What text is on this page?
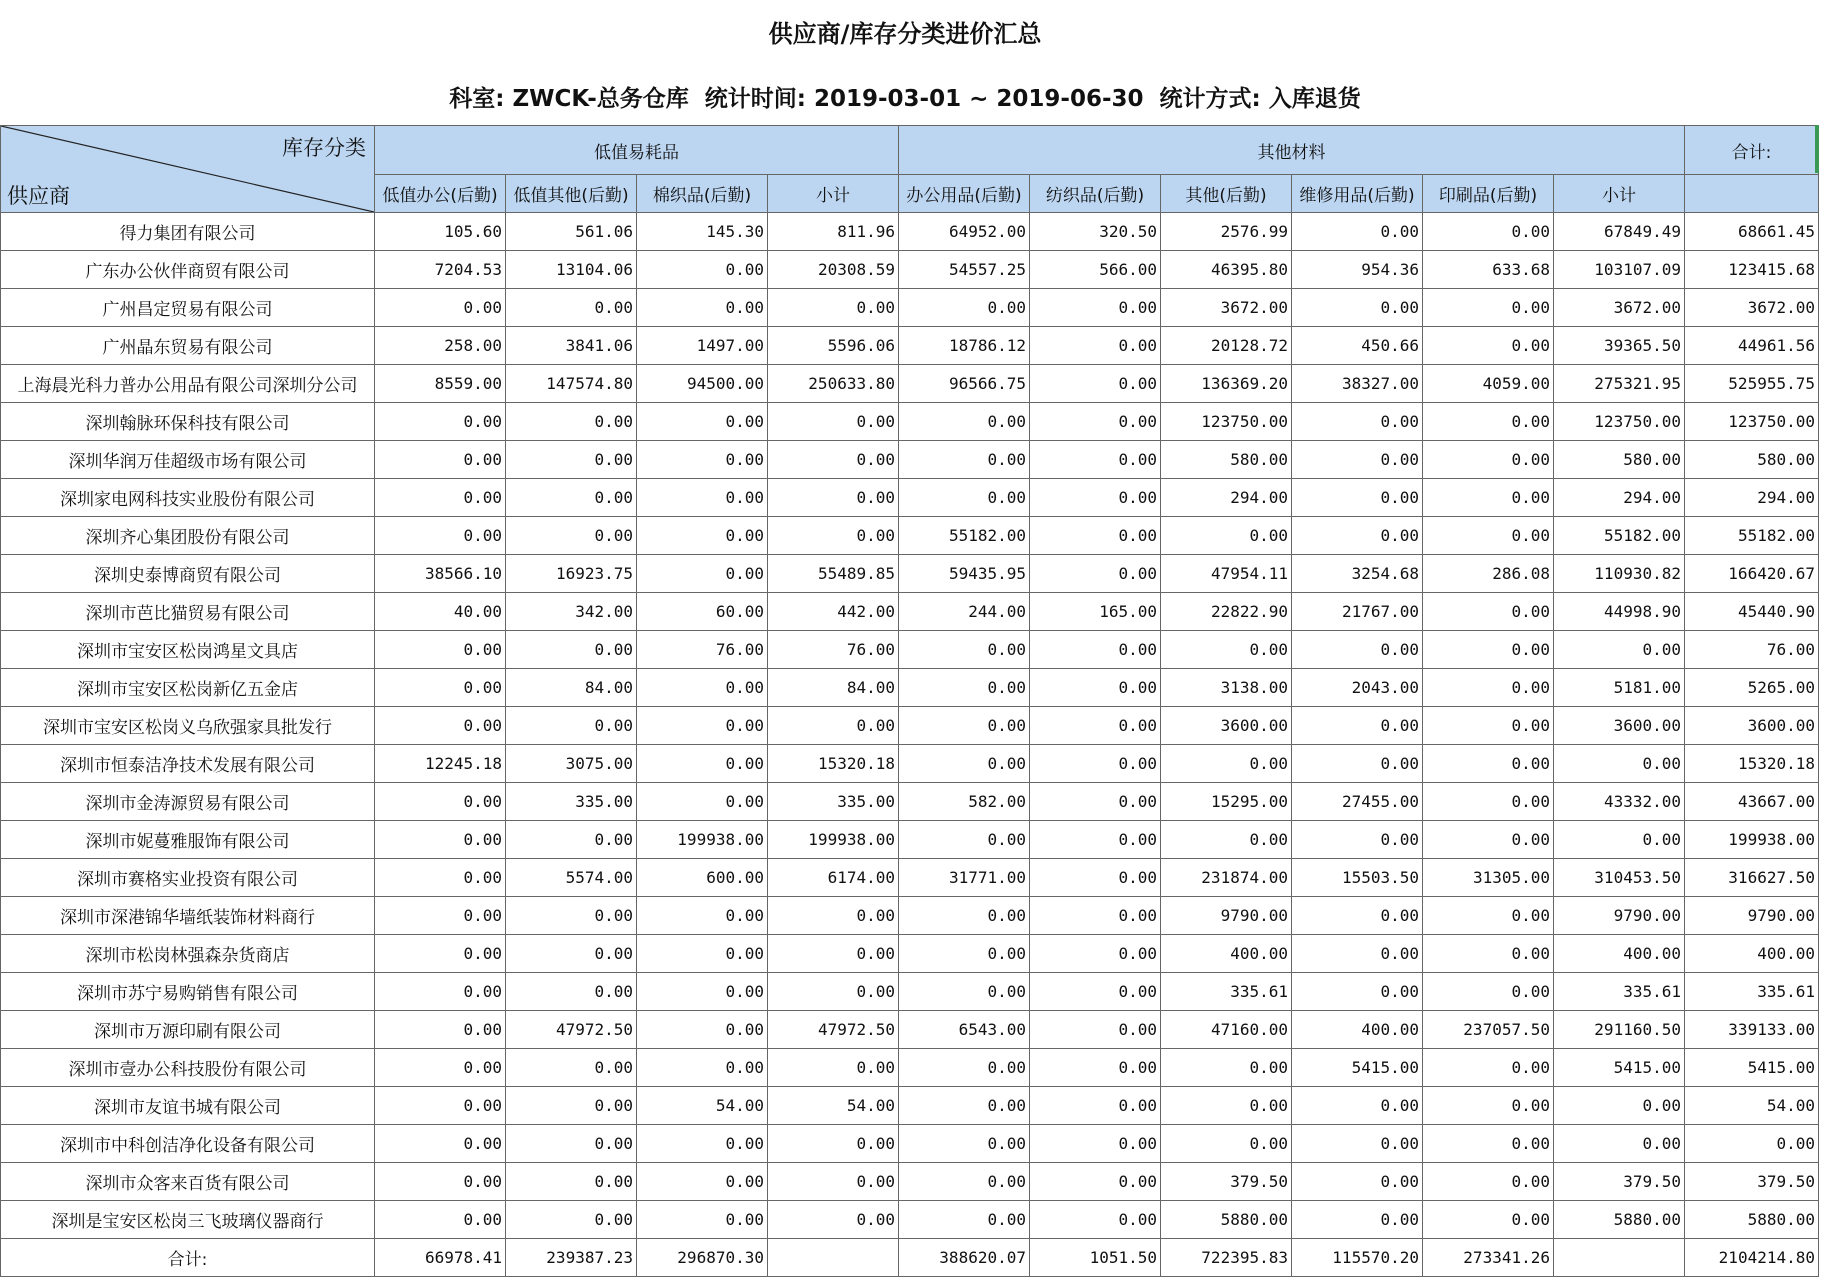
供应商/库存分类进价汇总
科室: ZWCK-总务仓库 统计时间: 2019-03-01 ~ 2019-06-30 统计方式: 入库退货
库存分类
供应商	低值易耗品				其他材料						合计:
	低值办公(后勤)	低值其他(后勤)	棉织品(后勤)	小计	办公用品(后勤)	纺织品(后勤)	其他(后勤)	维修用品(后勤)	印刷品(后勤)	小计	
得力集团有限公司	105.60	561.06	145.30	811.96	64952.00	320.50	2576.99	0.00	0.00	67849.49	68661.45
广东办公伙伴商贸有限公司	7204.53	13104.06	0.00	20308.59	54557.25	566.00	46395.80	954.36	633.68	103107.09	123415.68
广州昌定贸易有限公司	0.00	0.00	0.00	0.00	0.00	0.00	3672.00	0.00	0.00	3672.00	3672.00
广州晶东贸易有限公司	258.00	3841.06	1497.00	5596.06	18786.12	0.00	20128.72	450.66	0.00	39365.50	44961.56
上海晨光科力普办公用品有限公司深圳分公司	8559.00	147574.80	94500.00	250633.80	96566.75	0.00	136369.20	38327.00	4059.00	275321.95	525955.75
深圳翰脉环保科技有限公司	0.00	0.00	0.00	0.00	0.00	0.00	123750.00	0.00	0.00	123750.00	123750.00
深圳华润万佳超级市场有限公司	0.00	0.00	0.00	0.00	0.00	0.00	580.00	0.00	0.00	580.00	580.00
深圳家电网科技实业股份有限公司	0.00	0.00	0.00	0.00	0.00	0.00	294.00	0.00	0.00	294.00	294.00
深圳齐心集团股份有限公司	0.00	0.00	0.00	0.00	55182.00	0.00	0.00	0.00	0.00	55182.00	55182.00
深圳史泰博商贸有限公司	38566.10	16923.75	0.00	55489.85	59435.95	0.00	47954.11	3254.68	286.08	110930.82	166420.67
深圳市芭比猫贸易有限公司	40.00	342.00	60.00	442.00	244.00	165.00	22822.90	21767.00	0.00	44998.90	45440.90
深圳市宝安区松岗鸿星文具店	0.00	0.00	76.00	76.00	0.00	0.00	0.00	0.00	0.00	0.00	76.00
深圳市宝安区松岗新亿五金店	0.00	84.00	0.00	84.00	0.00	0.00	3138.00	2043.00	0.00	5181.00	5265.00
深圳市宝安区松岗义乌欣强家具批发行	0.00	0.00	0.00	0.00	0.00	0.00	3600.00	0.00	0.00	3600.00	3600.00
深圳市恒泰洁净技术发展有限公司	12245.18	3075.00	0.00	15320.18	0.00	0.00	0.00	0.00	0.00	0.00	15320.18
深圳市金涛源贸易有限公司	0.00	335.00	0.00	335.00	582.00	0.00	15295.00	27455.00	0.00	43332.00	43667.00
深圳市妮蔓雅服饰有限公司	0.00	0.00	199938.00	199938.00	0.00	0.00	0.00	0.00	0.00	0.00	199938.00
深圳市赛格实业投资有限公司	0.00	5574.00	600.00	6174.00	31771.00	0.00	231874.00	15503.50	31305.00	310453.50	316627.50
深圳市深港锦华墙纸装饰材料商行	0.00	0.00	0.00	0.00	0.00	0.00	9790.00	0.00	0.00	9790.00	9790.00
深圳市松岗林强森杂货商店	0.00	0.00	0.00	0.00	0.00	0.00	400.00	0.00	0.00	400.00	400.00
深圳市苏宁易购销售有限公司	0.00	0.00	0.00	0.00	0.00	0.00	335.61	0.00	0.00	335.61	335.61
深圳市万源印刷有限公司	0.00	47972.50	0.00	47972.50	6543.00	0.00	47160.00	400.00	237057.50	291160.50	339133.00
深圳市壹办公科技股份有限公司	0.00	0.00	0.00	0.00	0.00	0.00	0.00	5415.00	0.00	5415.00	5415.00
深圳市友谊书城有限公司	0.00	0.00	54.00	54.00	0.00	0.00	0.00	0.00	0.00	0.00	54.00
深圳市中科创洁净化设备有限公司	0.00	0.00	0.00	0.00	0.00	0.00	0.00	0.00	0.00	0.00	0.00
深圳市众客来百货有限公司	0.00	0.00	0.00	0.00	0.00	0.00	379.50	0.00	0.00	379.50	379.50
深圳是宝安区松岗三飞玻璃仪器商行	0.00	0.00	0.00	0.00	0.00	0.00	5880.00	0.00	0.00	5880.00	5880.00
合计:	66978.41	239387.23	296870.30		388620.07	1051.50	722395.83	115570.20	273341.26		2104214.80
